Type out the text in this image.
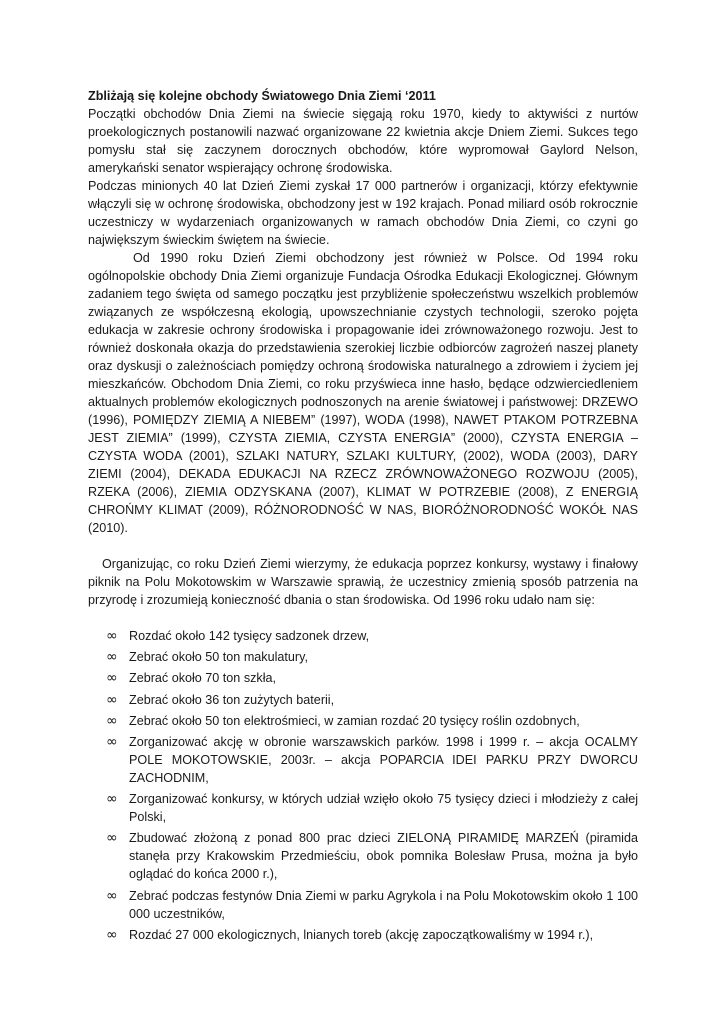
Zbliżają się kolejne obchody Światowego Dnia Ziemi ‘2011

Początki obchodów Dnia Ziemi na świecie sięgają roku 1970, kiedy to aktywiści z nurtów proekologicznych postanowili nazwać organizowane 22 kwietnia akcje Dniem Ziemi. Sukces tego pomysłu stał się zaczynem dorocznych obchodów, które wypromował Gaylord Nelson, amerykański senator wspierający ochronę środowiska.

Podczas minionych 40 lat Dzień Ziemi zyskał 17 000 partnerów i organizacji, którzy efektywnie włączyli się w ochronę środowiska, obchodzony jest w 192 krajach. Ponad miliard osób rokrocznie uczestniczy w wydarzeniach organizowanych w ramach obchodów Dnia Ziemi, co czyni go największym świeckim świętem na świecie.

Od 1990 roku Dzień Ziemi obchodzony jest również w Polsce. Od 1994 roku ogólnopolskie obchody Dnia Ziemi organizuje Fundacja Ośrodka Edukacji Ekologicznej. Głównym zadaniem tego święta od samego początku jest przybliżenie społeczeństwu wszelkich problemów związanych ze współczesną ekologią, upowszechnianie czystych technologii, szeroko pojęta edukacja w zakresie ochrony środowiska i propagowanie idei zrównoważonego rozwoju. Jest to również doskonała okazja do przedstawienia szerokiej liczbie odbiorców zagrożeń naszej planety oraz dyskusji o zależnościach pomiędzy ochroną środowiska naturalnego a zdrowiem i życiem jej mieszkańców. Obchodom Dnia Ziemi, co roku przyświeca inne hasło, będące odzwierciedleniem aktualnych problemów ekologicznych podnoszonych na arenie światowej i państwowej: DRZEWO (1996), POMIĘDZY ZIEMIĄ A NIEBEM” (1997), WODA (1998), NAWET PTAKOM POTRZEBNA JEST ZIEMIA” (1999), CZYSTA ZIEMIA, CZYSTA ENERGIA” (2000), CZYSTA ENERGIA – CZYSTA WODA (2001), SZLAKI NATURY, SZLAKI KULTURY, (2002), WODA (2003), DARY ZIEMI (2004), DEKADA EDUKACJI NA RZECZ ZRÓWNOWAŻONEGO ROZWOJU (2005), RZEKA (2006), ZIEMIA ODZYSKANA (2007), KLIMAT W POTRZEBIE (2008), Z ENERGIĄ CHROŃMY KLIMAT (2009), RÓŻNORODNOŚĆ W NAS, BIORÓŻNORODNOŚĆ WOKÓŁ NAS (2010).

Organizując, co roku Dzień Ziemi wierzymy, że edukacja poprzez konkursy, wystawy i finałowy piknik na Polu Mokotowskim w Warszawie sprawią, że uczestnicy zmienią sposób patrzenia na przyrodę i zrozumieją konieczność dbania o stan środowiska. Od 1996 roku udało nam się:

∞ Rozdać około 142 tysięcy sadzonek drzew,
∞ Zebrać około 50 ton makulatury,
∞ Zebrać około 70 ton szkła,
∞ Zebrać około 36 ton zużytych baterii,
∞ Zebrać około 50 ton elektrośmieci, w zamian rozdać 20 tysięcy roślin ozdobnych,
∞ Zorganizować akcję w obronie warszawskich parków. 1998 i 1999 r. – akcja OCALMY POLE MOKOTOWSKIE, 2003r. – akcja POPARCIA IDEI PARKU PRZY DWORCU ZACHODNIM,
∞ Zorganizować konkursy, w których udział wzięło około 75 tysięcy dzieci i młodzieży z całej Polski,
∞ Zbudować złożoną z ponad 800 prac dzieci ZIELONĄ PIRAMIDĘ MARZEŃ (piramida stanęła przy Krakowskim Przedmieściu, obok pomnika Bolesław Prusa, można ja było oglądać do końca 2000 r.),
∞ Zebrać podczas festynów Dnia Ziemi w parku Agrykola i na Polu Mokotowskim około 1 100 000 uczestników,
∞ Rozdać 27 000 ekologicznych, lnianych toreb (akcję zapoczątkowaliśmy w 1994 r.),
